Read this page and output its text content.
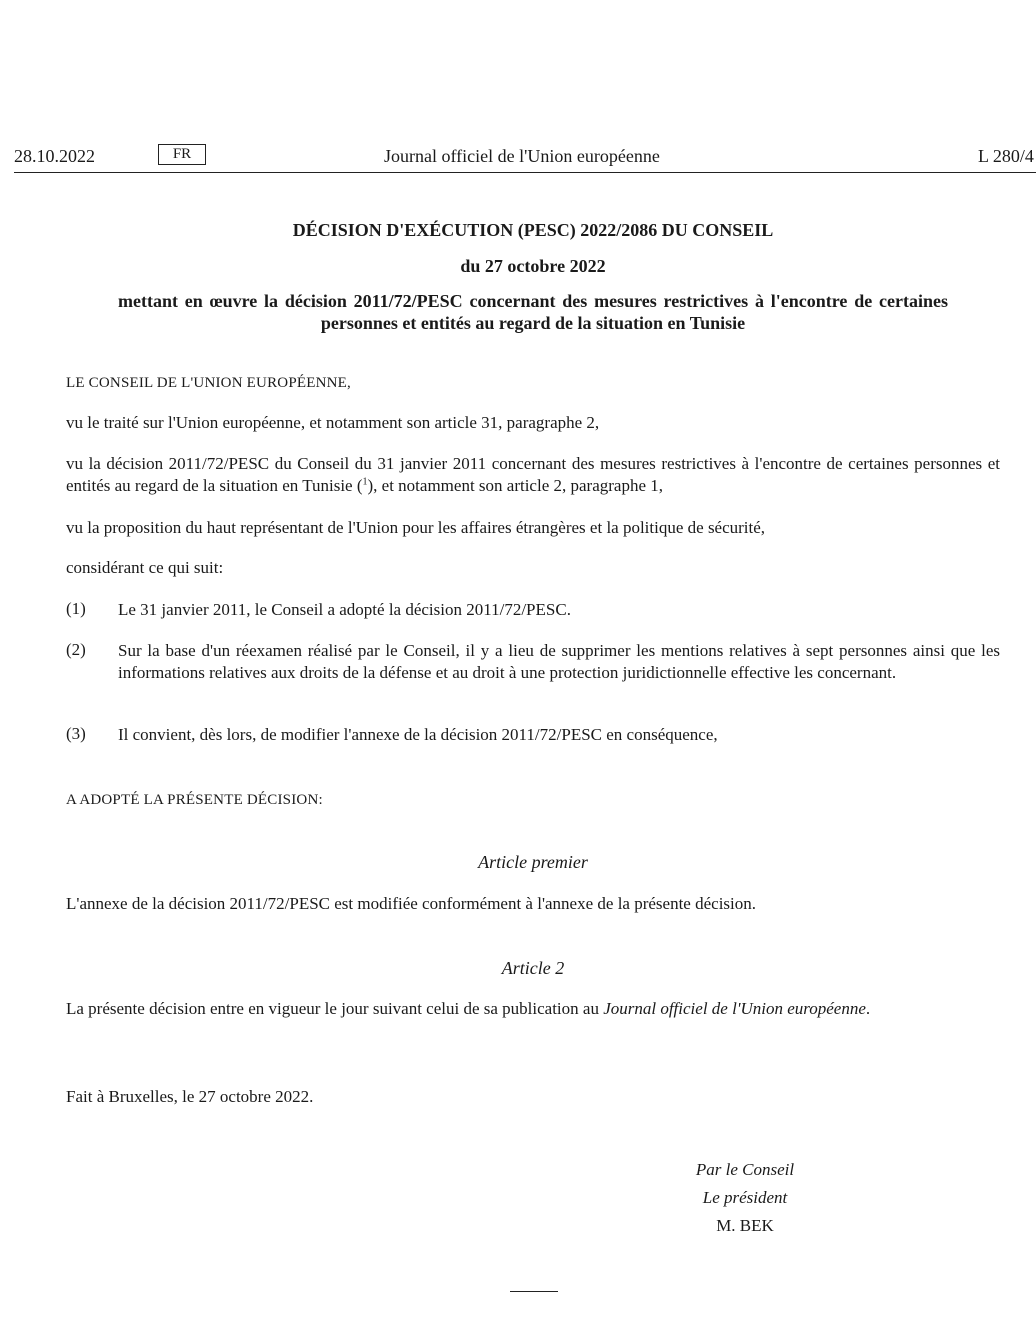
28.10.2022	FR	Journal officiel de l'Union européenne	L 280/4
DÉCISION D'EXÉCUTION (PESC) 2022/2086 DU CONSEIL
du 27 octobre 2022
mettant en œuvre la décision 2011/72/PESC concernant des mesures restrictives à l'encontre de certaines personnes et entités au regard de la situation en Tunisie
LE CONSEIL DE L'UNION EUROPÉENNE,
vu le traité sur l'Union européenne, et notamment son article 31, paragraphe 2,
vu la décision 2011/72/PESC du Conseil du 31 janvier 2011 concernant des mesures restrictives à l'encontre de certaines personnes et entités au regard de la situation en Tunisie ($^1$), et notamment son article 2, paragraphe 1,
vu la proposition du haut représentant de l'Union pour les affaires étrangères et la politique de sécurité,
considérant ce qui suit:
(1) Le 31 janvier 2011, le Conseil a adopté la décision 2011/72/PESC.
(2) Sur la base d'un réexamen réalisé par le Conseil, il y a lieu de supprimer les mentions relatives à sept personnes ainsi que les informations relatives aux droits de la défense et au droit à une protection juridictionnelle effective les concernant.
(3) Il convient, dès lors, de modifier l'annexe de la décision 2011/72/PESC en conséquence,
A ADOPTÉ LA PRÉSENTE DÉCISION:
Article premier
L'annexe de la décision 2011/72/PESC est modifiée conformément à l'annexe de la présente décision.
Article 2
La présente décision entre en vigueur le jour suivant celui de sa publication au Journal officiel de l'Union européenne.
Fait à Bruxelles, le 27 octobre 2022.
Par le Conseil
Le président
M. BEK
